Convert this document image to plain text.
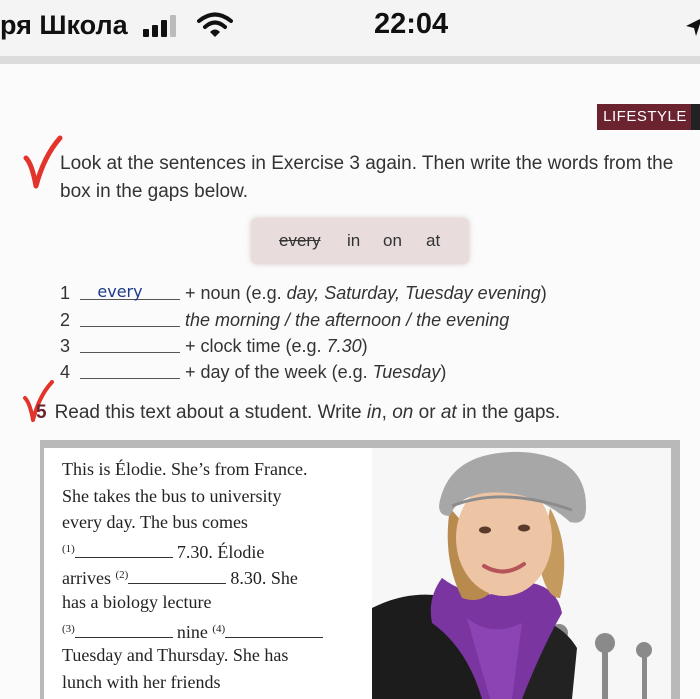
ря Школа	22:04
LIFESTYLE
Look at the sentences in Exercise 3 again. Then write the words from the
box in the gaps below.
every in on at
1	every	+ noun (e.g. day, Saturday, Tuesday evening)
2	the morning / the afternoon / the evening
3	+ clock time (e.g. 7.30)
4	+ day of the week (e.g. Tuesday)
5 Read this text about a student. Write in, on or at in the gaps.
This is Élodie. She’s from France.
She takes the bus to university
every day. The bus comes
$^{(1)}$	7.30. Élodie
arrives $^{(2)}$	8.30. She
has a biology lecture
$^{(3)}$	nine $^{(4)}$
Tuesday and Thursday. She has
lunch with her friends
